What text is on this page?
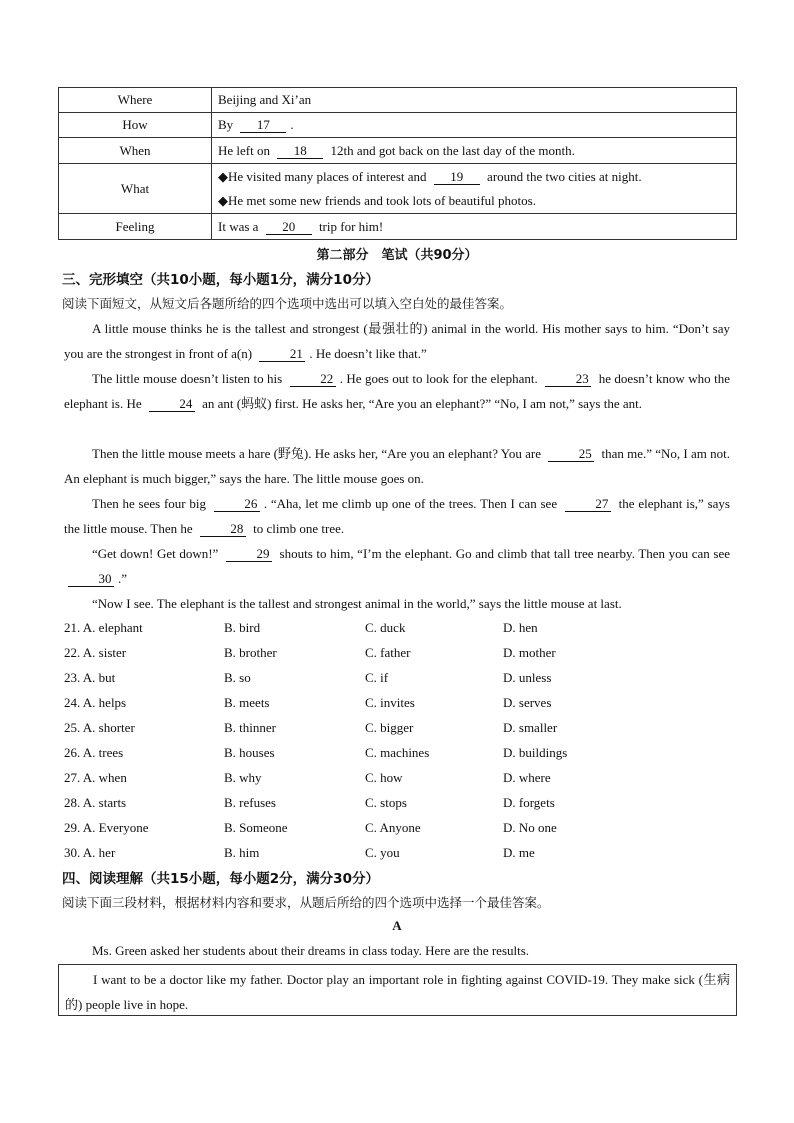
Where	Beijing and Xi’an
How	By 17 .
When	He left on 18 12th and got back on the last day of the month.
What	◆He visited many places of interest and 19 around the two cities at night.
◆He met some new friends and took lots of beautiful photos.

Feeling	It was a 20 trip for him!
第二部分　笔试（共90分）
三、完形填空（共10小题，每小题1分，满分10分）
阅读下面短文，从短文后各题所给的四个选项中选出可以填入空白处的最佳答案。
A little mouse thinks he is the tallest and strongest (最强壮的) animal in the world. His mother says to him. “Don’t say you are the strongest in front of a(n)	21 . He doesn’t like that.”
The little mouse doesn’t listen to his	22 . He goes out to look for the elephant.	23 he doesn’t know who the elephant is. He	24 an ant (蚂蚁) first. He asks her, “Are you an elephant?” “No, I am not,” says the ant.
Then the little mouse meets a hare (野兔). He asks her, “Are you an elephant? You are	25 than me.” “No, I am not. An elephant is much bigger,” says the hare. The little mouse goes on.
Then he sees four big	26 . “Aha, let me climb up one of the trees. Then I can see	27 the elephant is,” says the little mouse. Then he	28 to climb one tree.
“Get down! Get down!”	29 shouts to him, “I’m the elephant. Go and climb that tall tree nearby. Then you can see 30 .”
“Now I see. The elephant is the tallest and strongest animal in the world,” says the little mouse at last.
21. A. elephant	B. bird	C. duck	D. hen
22. A. sister	B. brother	C. father	D. mother
23. A. but	B. so	C. if	D. unless
24. A. helps	B. meets	C. invites	D. serves
25. A. shorter	B. thinner	C. bigger	D. smaller
26. A. trees	B. houses	C. machines	D. buildings
27. A. when	B. why	C. how	D. where
28. A. starts	B. refuses	C. stops	D. forgets
29. A. Everyone	B. Someone	C. Anyone	D. No one
30. A. her	B. him	C. you	D. me
四、阅读理解（共15小题，每小题2分，满分30分）
阅读下面三段材料，根据材料内容和要求，从题后所给的四个选项中选择一个最佳答案。
A
Ms. Green asked her students about their dreams in class today. Here are the results.

I want to be a doctor like my father. Doctor play an important role in fighting against COVID-19. They make sick (生病的) people live in hope.
